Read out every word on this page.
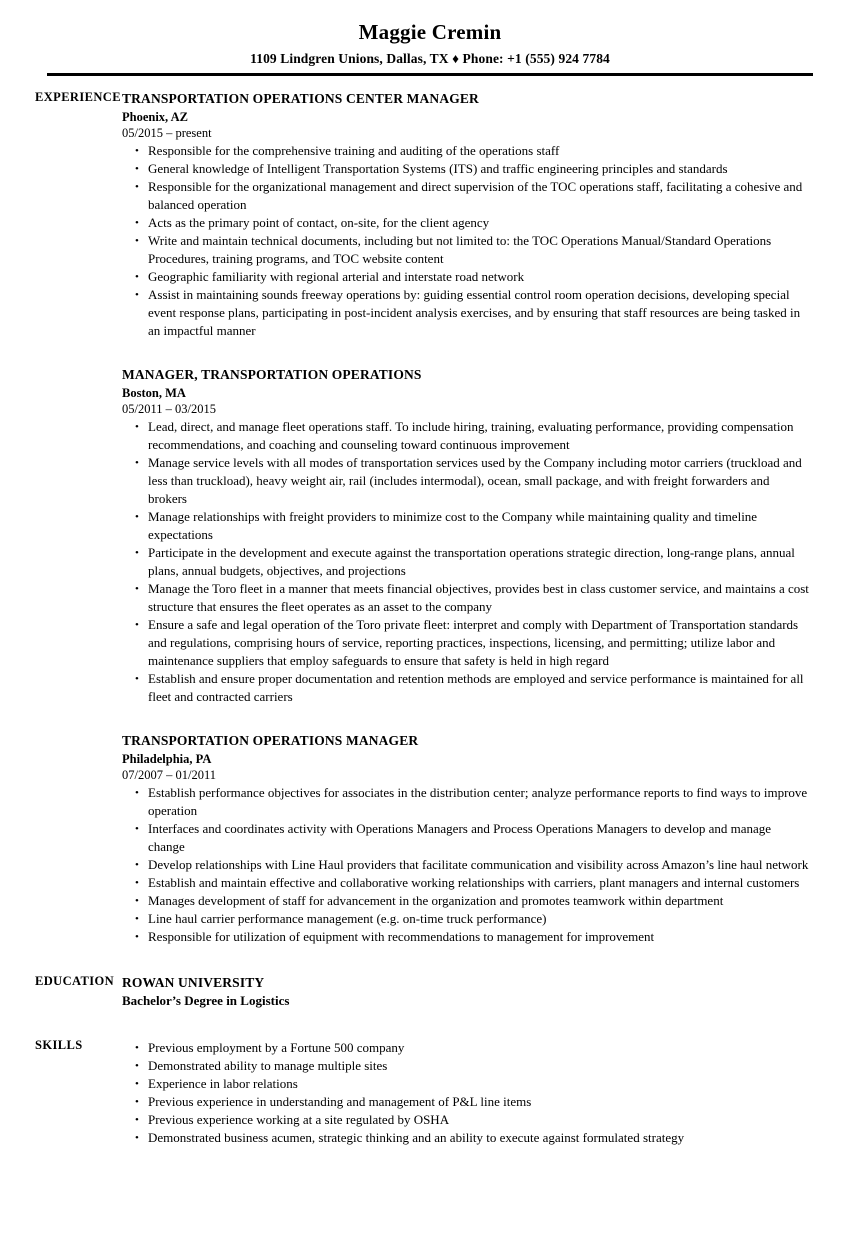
Maggie Cremin
1109 Lindgren Unions, Dallas, TX ♦ Phone: +1 (555) 924 7784
EXPERIENCE TRANSPORTATION OPERATIONS CENTER MANAGER
Phoenix, AZ
05/2015 – present
• Responsible for the comprehensive training and auditing of the operations staff
• General knowledge of Intelligent Transportation Systems (ITS) and traffic engineering principles and standards
• Responsible for the organizational management and direct supervision of the TOC operations staff, facilitating a cohesive and balanced operation
• Acts as the primary point of contact, on-site, for the client agency
• Write and maintain technical documents, including but not limited to: the TOC Operations Manual/Standard Operations Procedures, training programs, and TOC website content
• Geographic familiarity with regional arterial and interstate road network
• Assist in maintaining sounds freeway operations by: guiding essential control room operation decisions, developing special event response plans, participating in post-incident analysis exercises, and by ensuring that staff resources are being tasked in an impactful manner
MANAGER, TRANSPORTATION OPERATIONS
Boston, MA
05/2011 – 03/2015
• Lead, direct, and manage fleet operations staff. To include hiring, training, evaluating performance, providing compensation recommendations, and coaching and counseling toward continuous improvement
• Manage service levels with all modes of transportation services used by the Company including motor carriers (truckload and less than truckload), heavy weight air, rail (includes intermodal), ocean, small package, and with freight forwarders and brokers
• Manage relationships with freight providers to minimize cost to the Company while maintaining quality and timeline expectations
• Participate in the development and execute against the transportation operations strategic direction, long-range plans, annual plans, annual budgets, objectives, and projections
• Manage the Toro fleet in a manner that meets financial objectives, provides best in class customer service, and maintains a cost structure that ensures the fleet operates as an asset to the company
• Ensure a safe and legal operation of the Toro private fleet: interpret and comply with Department of Transportation standards and regulations, comprising hours of service, reporting practices, inspections, licensing, and permitting; utilize labor and maintenance suppliers that employ safeguards to ensure that safety is held in high regard
• Establish and ensure proper documentation and retention methods are employed and service performance is maintained for all fleet and contracted carriers
TRANSPORTATION OPERATIONS MANAGER
Philadelphia, PA
07/2007 – 01/2011
• Establish performance objectives for associates in the distribution center; analyze performance reports to find ways to improve operation
• Interfaces and coordinates activity with Operations Managers and Process Operations Managers to develop and manage change
• Develop relationships with Line Haul providers that facilitate communication and visibility across Amazon’s line haul network
• Establish and maintain effective and collaborative working relationships with carriers, plant managers and internal customers
• Manages development of staff for advancement in the organization and promotes teamwork within department
• Line haul carrier performance management (e.g. on-time truck performance)
• Responsible for utilization of equipment with recommendations to management for improvement
EDUCATION ROWAN UNIVERSITY
Bachelor’s Degree in Logistics
SKILLS	• Previous employment by a Fortune 500 company
• Demonstrated ability to manage multiple sites
• Experience in labor relations
• Previous experience in understanding and management of P&L line items
• Previous experience working at a site regulated by OSHA
• Demonstrated business acumen, strategic thinking and an ability to execute against formulated strategy
